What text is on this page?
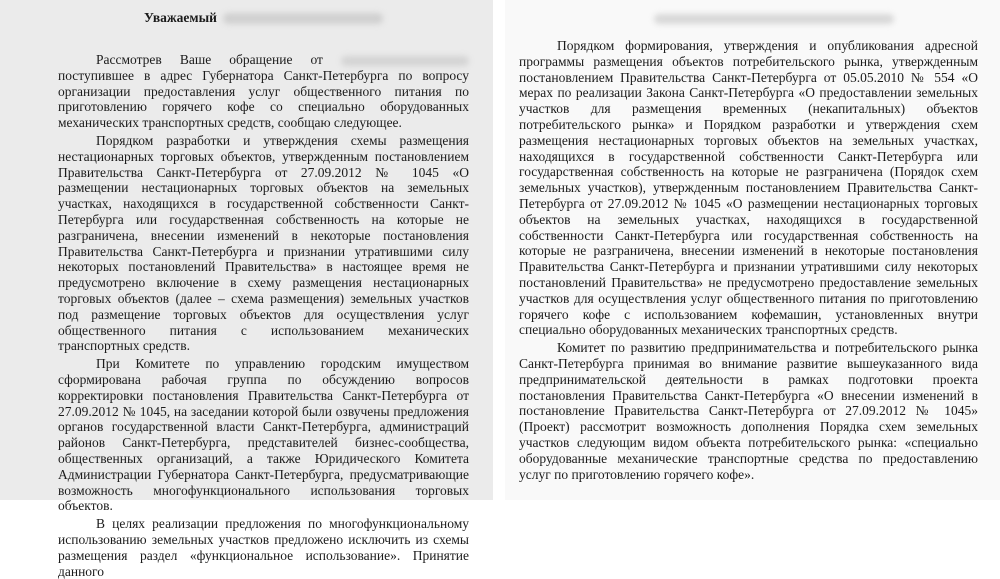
Уважаемый

Рассмотрев Ваше обращение от  поступившее в адрес Губернатора Санкт-Петербурга по вопросу организации предоставления услуг общественного питания по приготовлению горячего кофе со специально оборудованных механических транспортных средств, сообщаю следующее.

Порядком разработки и утверждения схемы размещения нестационарных торговых объектов, утвержденным постановлением Правительства Санкт-Петербурга от 27.09.2012 № 1045 «О размещении нестационарных торговых объектов на земельных участках, находящихся в государственной собственности Санкт-Петербурга или государственная собственность на которые не разграничена, внесении изменений в некоторые постановления Правительства Санкт-Петербурга и признании утратившими силу некоторых постановлений Правительства» в настоящее время не предусмотрено включение в схему размещения нестационарных торговых объектов (далее – схема размещения) земельных участков под размещение торговых объектов для осуществления услуг общественного питания с использованием механических транспортных средств.

При Комитете по управлению городским имуществом сформирована рабочая группа по обсуждению вопросов корректировки постановления Правительства Санкт-Петербурга от 27.09.2012 № 1045, на заседании которой были озвучены предложения органов государственной власти Санкт-Петербурга, администраций районов Санкт-Петербурга, представителей бизнес-сообщества, общественных организаций, а также Юридического Комитета Администрации Губернатора Санкт-Петербурга, предусматривающие возможность многофункционального использования торговых объектов.

В целях реализации предложения по многофункциональному использованию земельных участков предложено исключить из схемы размещения раздел «функциональное использование». Принятие данного

Порядком формирования, утверждения и опубликования адресной программы размещения объектов потребительского рынка, утвержденным постановлением Правительства Санкт-Петербурга от 05.05.2010 № 554 «О мерах по реализации Закона Санкт-Петербурга «О предоставлении земельных участков для размещения временных (некапитальных) объектов потребительского рынка» и Порядком разработки и утверждения схем размещения нестационарных торговых объектов на земельных участках, находящихся в государственной собственности Санкт-Петербурга или государственная собственность на которые не разграничена (Порядок схем земельных участков), утвержденным постановлением Правительства Санкт-Петербурга от 27.09.2012 № 1045 «О размещении нестационарных торговых объектов на земельных участках, находящихся в государственной собственности Санкт-Петербурга или государственная собственность на которые не разграничена, внесении изменений в некоторые постановления Правительства Санкт-Петербурга и признании утратившими силу некоторых постановлений Правительства» не предусмотрено предоставление земельных участков для осуществления услуг общественного питания по приготовлению горячего кофе с использованием кофемашин, установленных внутри специально оборудованных механических транспортных средств.

Комитет по развитию предпринимательства и потребительского рынка Санкт-Петербурга принимая во внимание развитие вышеуказанного вида предпринимательской деятельности в рамках подготовки проекта постановления Правительства Санкт-Петербурга «О внесении изменений в постановление Правительства Санкт-Петербурга от 27.09.2012 № 1045» (Проект) рассмотрит возможность дополнения Порядка схем земельных участков следующим видом объекта потребительского рынка: «специально оборудованные механические транспортные средства по предоставлению услуг по приготовлению горячего кофе».
